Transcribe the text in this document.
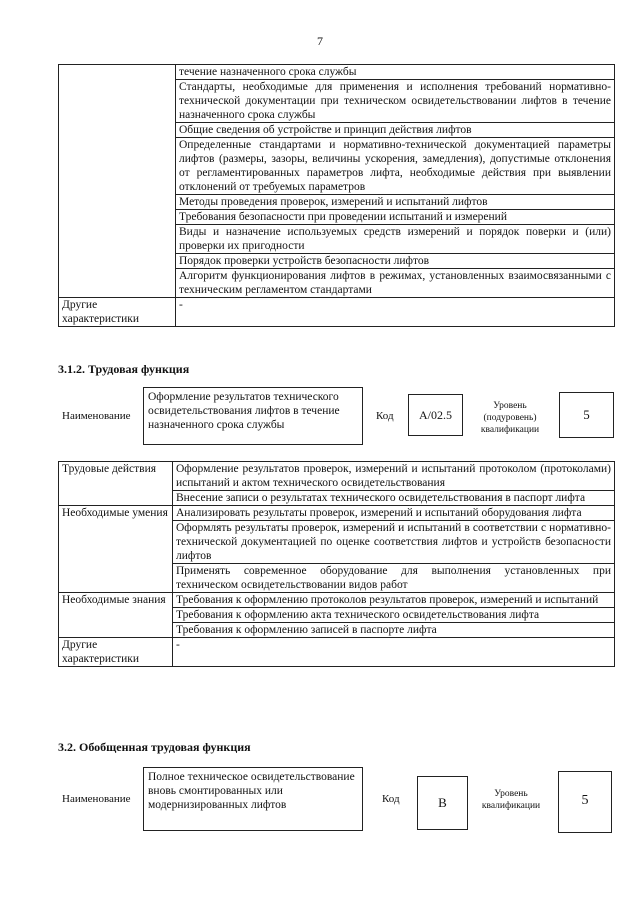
7
	течение назначенного срока службы
	Стандарты, необходимые для применения и исполнения требований нормативно-технической документации при техническом освидетельствовании лифтов в течение назначенного срока службы
	Общие сведения об устройстве и принцип действия лифтов
	Определенные стандартами и нормативно-технической документацией параметры лифтов (размеры, зазоры, величины ускорения, замедления), допустимые отклонения от регламентированных параметров лифта, необходимые действия при выявлении отклонений от требуемых параметров
	Методы проведения проверок, измерений и испытаний лифтов
	Требования безопасности при проведении испытаний и измерений
	Виды и назначение используемых средств измерений и порядок поверки и (или) проверки их пригодности
	Порядок проверки устройств безопасности лифтов
	Алгоритм функционирования лифтов в режимах, установленных взаимосвязанными с техническим регламентом стандартами
Другие характеристики	-
3.1.2. Трудовая функция
Наименование
Оформление результатов технического освидетельствования лифтов в течение назначенного срока службы
Код	А/02.5
Уровень (подуровень) квалификации
5
Трудовые действия	Оформление результатов проверок, измерений и испытаний протоколом (протоколами) испытаний и актом технического освидетельствования
	Внесение записи о результатах технического освидетельствования в паспорт лифта
Необходимые умения	Анализировать результаты проверок, измерений и испытаний оборудования лифта
	Оформлять результаты проверок, измерений и испытаний в соответствии с нормативно-технической документацией по оценке соответствия лифтов и устройств безопасности лифтов
	Применять современное оборудование для выполнения установленных при техническом освидетельствовании видов работ
Необходимые знания	Требования к оформлению протоколов результатов проверок, измерений и испытаний
	Требования к оформлению акта технического освидетельствования лифта
	Требования к оформлению записей в паспорте лифта
Другие характеристики	-
3.2. Обобщенная трудовая функция
Наименование
Полное техническое освидетельствование вновь смонтированных или модернизированных лифтов	Код	В
Уровень квалификации	5
